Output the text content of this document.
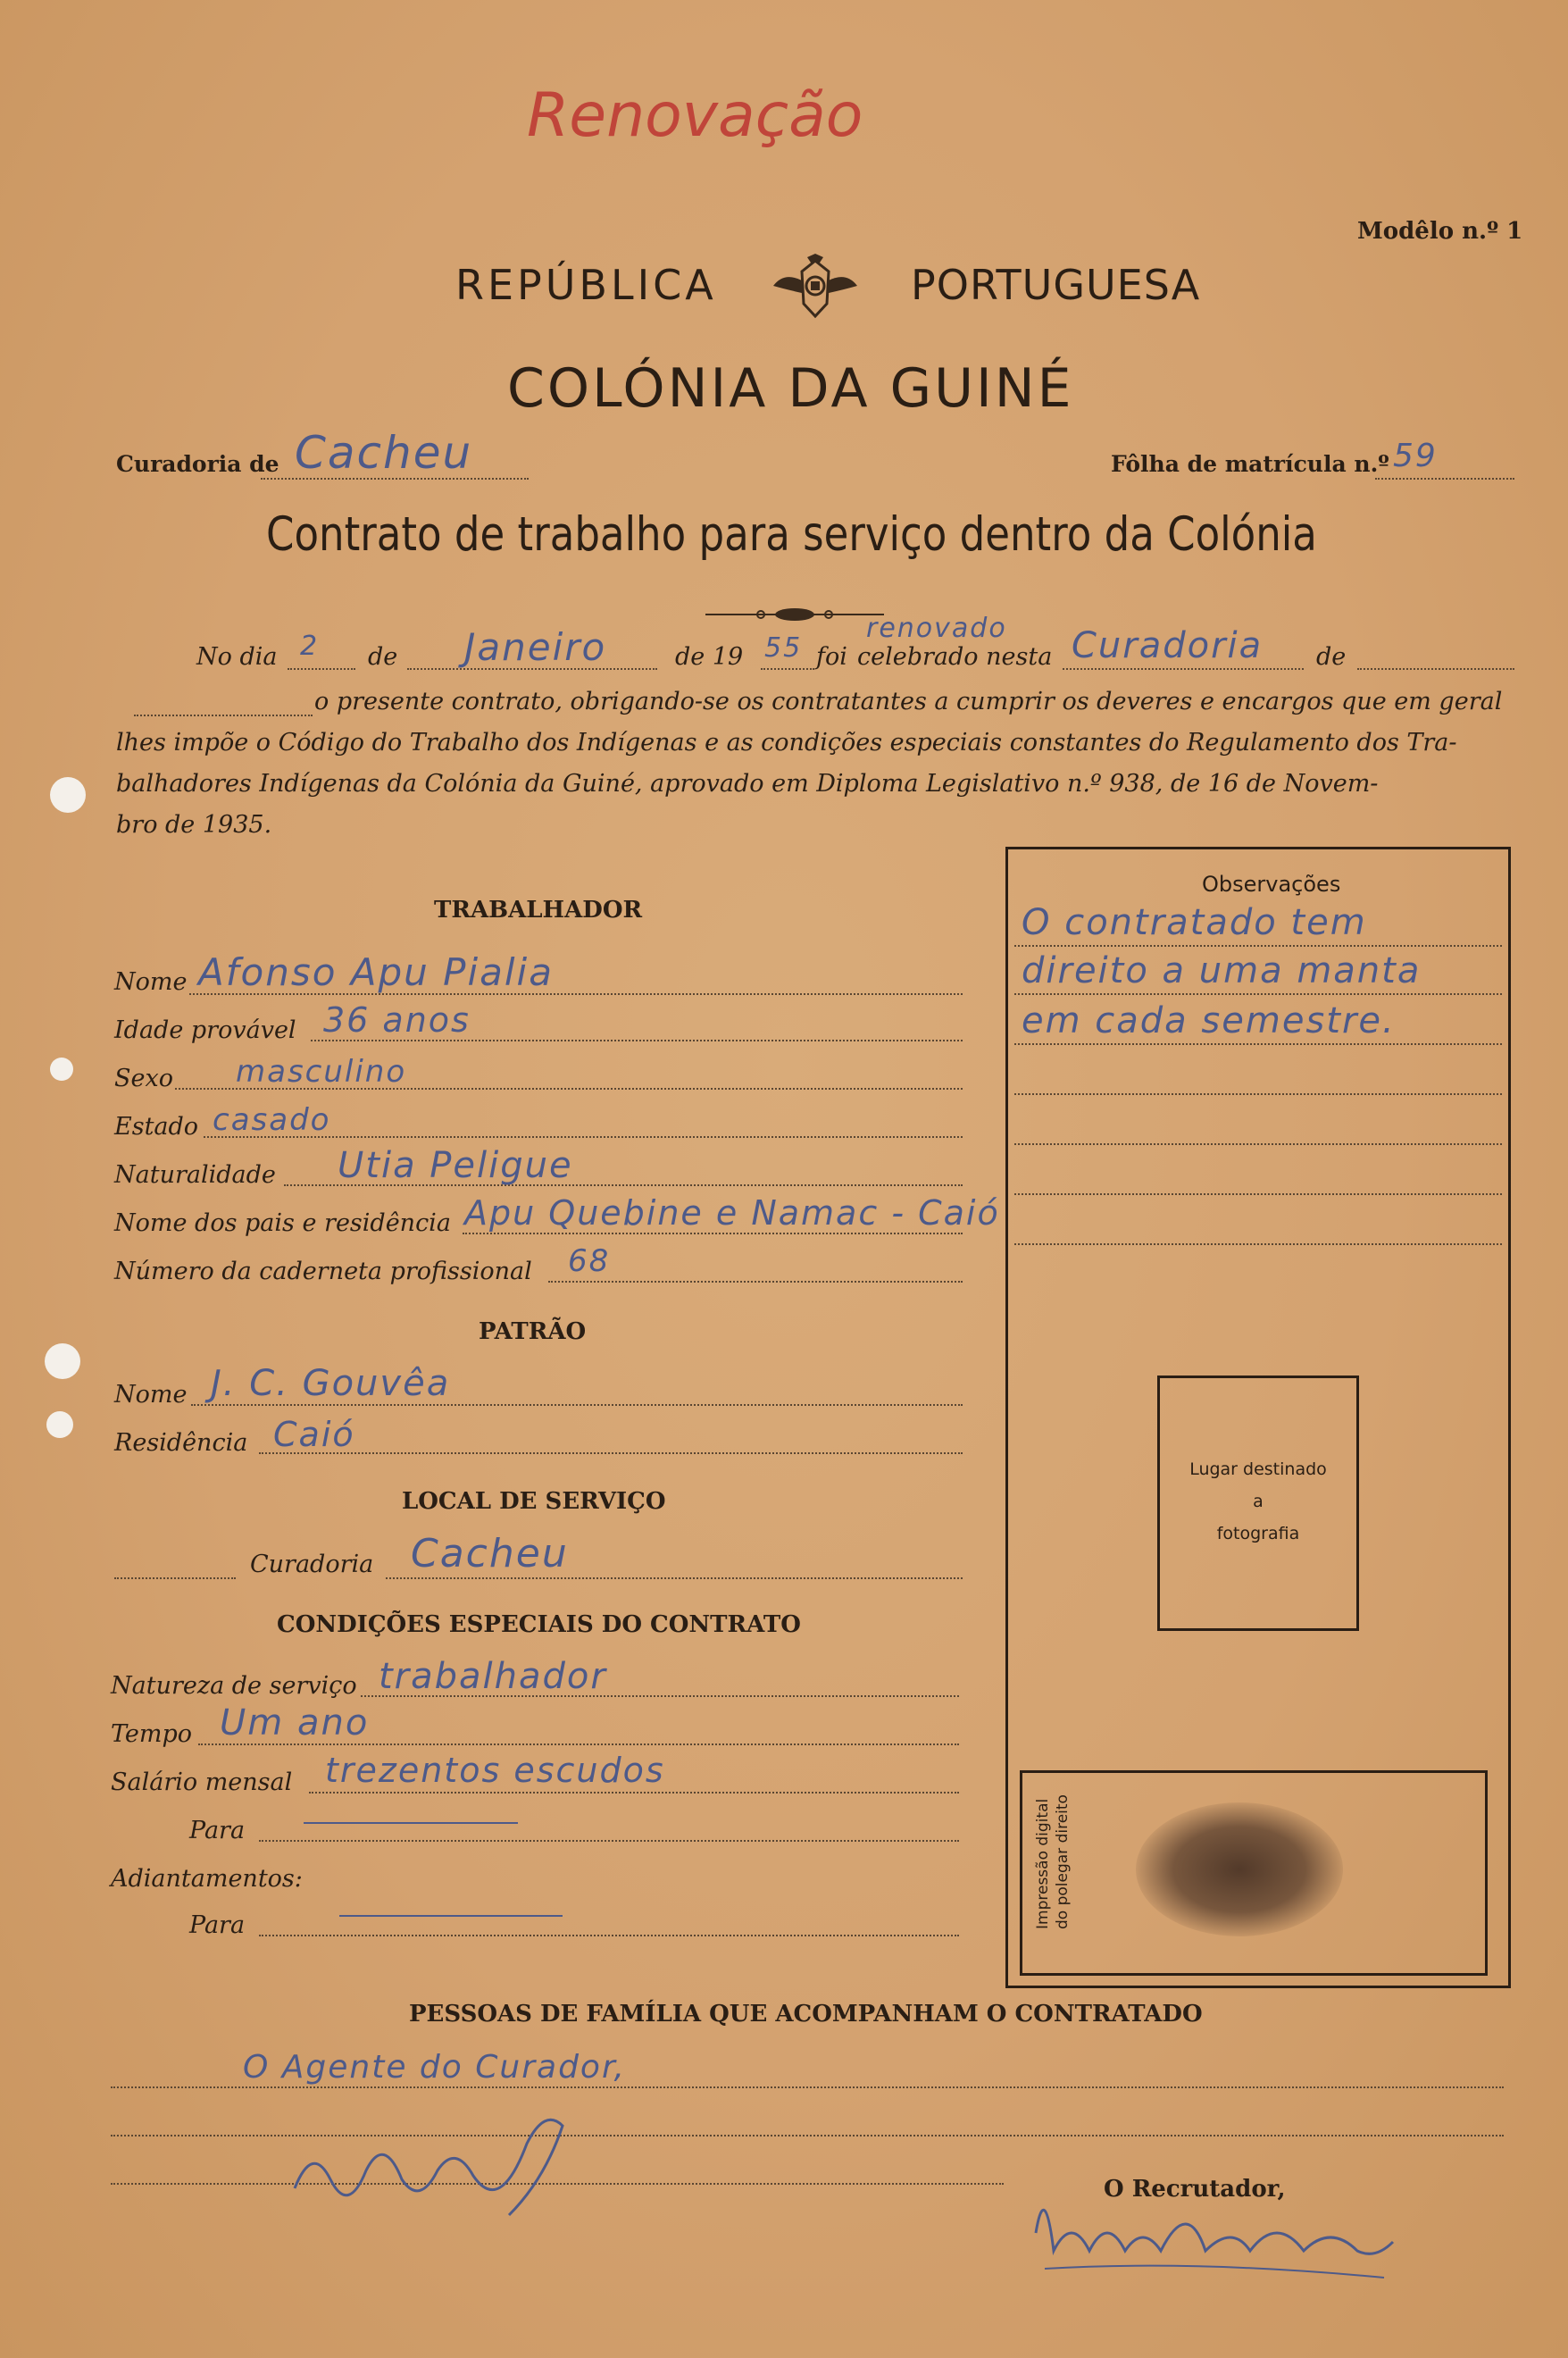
Renovação
Modêlo n.º 1
REPÚBLICA	PORTUGUESA
COLÓNIA DA GUINÉ
Curadoria de Cacheu	Fôlha de matrícula n.º 59
Contrato de trabalho para serviço dentro da Colónia
No dia 2 de Janeiro	de 19 55 foi
renovado
celebrado nesta Curadoria de
o presente contrato, obrigando-se os contratantes a cumprir os deveres e encargos que em geral
lhes impõe o Código do Trabalho dos Indígenas e as condições especiais constantes do Regulamento dos Tra-
balhadores Indígenas da Colónia da Guiné, aprovado em Diploma Legislativo n.º 938, de 16 de Novem-
bro de 1935.
TRABALHADOR
Nome Afonso Apu Pialia
Idade provável 36 anos
Sexo masculino
Estado casado
Naturalidade Utia Peligue
Nome dos pais e residência Apu Quebine e Namac - Caió
Número da caderneta profissional 68
PATRÃO
Nome J. C. Gouvêa
Residência Caió
LOCAL DE SERVIÇO
Curadoria Cacheu
CONDIÇÕES ESPECIAIS DO CONTRATO
Natureza de serviço trabalhador
Tempo Um ano
Salário mensal trezentos escudos
Para
Adiantamentos:
Para
Observações
O contratado tem
direito a uma manta
em cada semestre.
Lugar destinado
a
fotografia
Impressão digital do polegar direito
PESSOAS DE FAMÍLIA QUE ACOMPANHAM O CONTRATADO
O Agente do Curador,
O Recrutador,
